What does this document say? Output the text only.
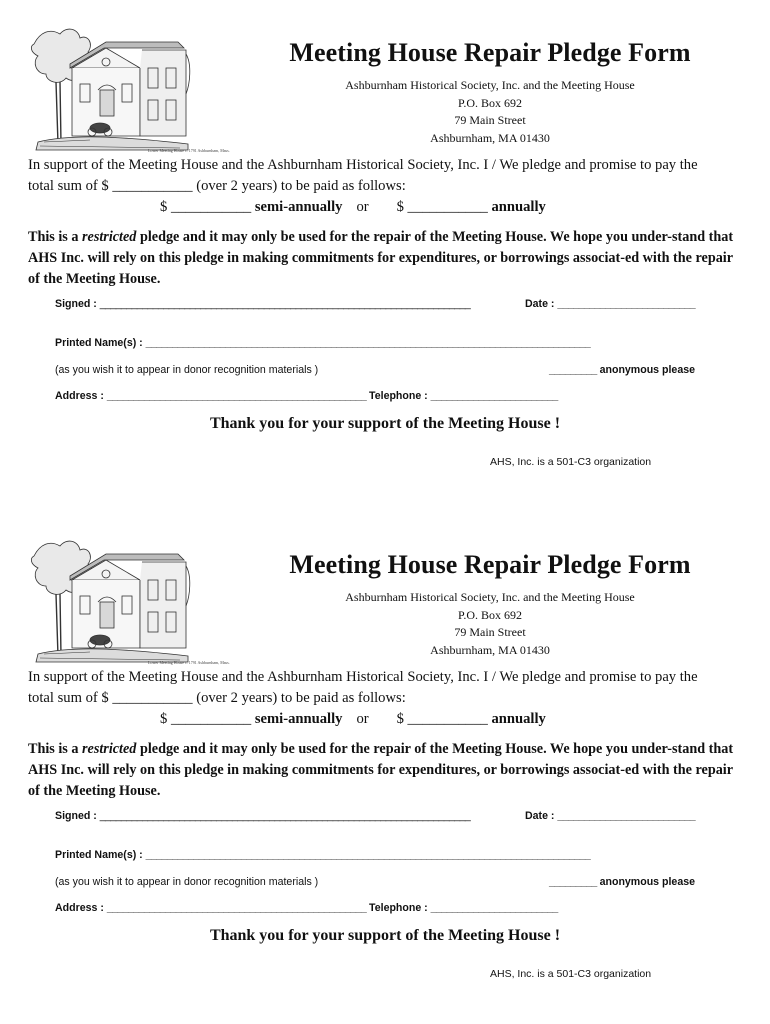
Lower Meeting House c. 1791 Ashburnham, Mass.
Meeting House Repair Pledge Form
Ashburnham Historical Society, Inc. and the Meeting House
P.O. Box 692
79 Main Street
Ashburnham, MA 01430
In support of the Meeting House and the Ashburnham Historical Society, Inc. I / We pledge and promise to pay the
total sum of $ ___________ (over 2 years) to be paid as follows:
$ ___________ semi-annually or $ ___________ annually
This is a restricted pledge and it may only be used for the repair of the Meeting House. We hope you under-stand that AHS Inc. will rely on this pledge in making commitments for expenditures, or borrowings associat-ed with the repair of the Meeting House.
Signed : ______________________________________________________________________	Date : __________________________
Printed Name(s) : ____________________________________________________________________________________
(as you wish it to appear in donor recognition materials )	_________ anonymous please
Address : _________________________________________________ Telephone : ________________________
Thank you for your support of the Meeting House !
AHS, Inc. is a 501-C3 organization
Lower Meeting House c. 1791 Ashburnham, Mass.
Meeting House Repair Pledge Form
Ashburnham Historical Society, Inc. and the Meeting House
P.O. Box 692
79 Main Street
Ashburnham, MA 01430
In support of the Meeting House and the Ashburnham Historical Society, Inc. I / We pledge and promise to pay the
total sum of $ ___________ (over 2 years) to be paid as follows:
$ ___________ semi-annually or $ ___________ annually
This is a restricted pledge and it may only be used for the repair of the Meeting House. We hope you under-stand that AHS Inc. will rely on this pledge in making commitments for expenditures, or borrowings associat-ed with the repair of the Meeting House.
Signed : ______________________________________________________________________	Date : __________________________
Printed Name(s) : ____________________________________________________________________________________
(as you wish it to appear in donor recognition materials )	_________ anonymous please
Address : _________________________________________________ Telephone : ________________________
Thank you for your support of the Meeting House !
AHS, Inc. is a 501-C3 organization
